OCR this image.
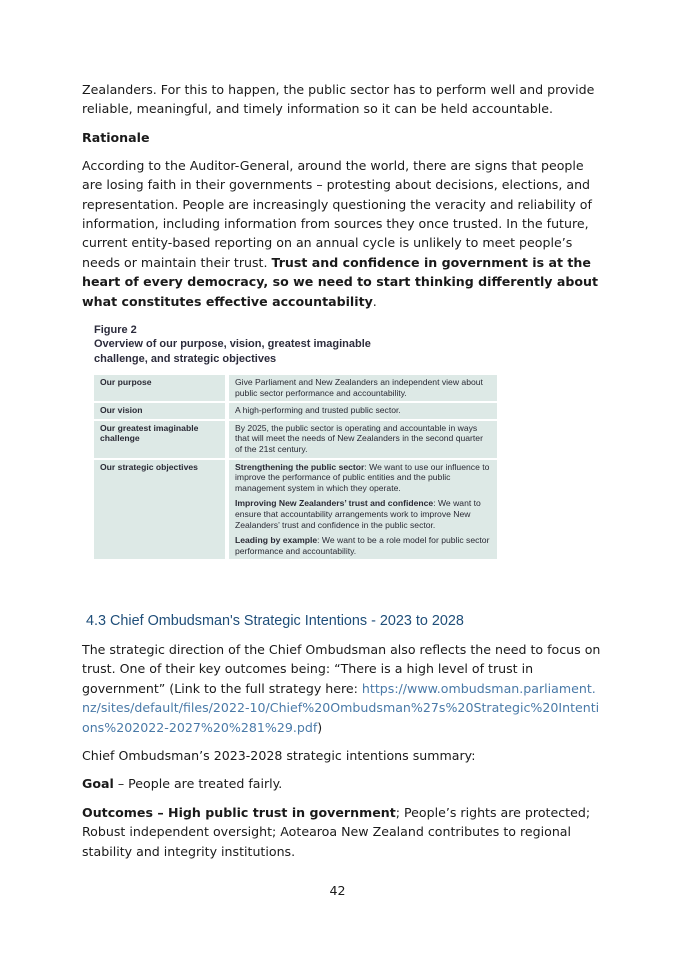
Zealanders. For this to happen, the public sector has to perform well and provide reliable, meaningful, and timely information so it can be held accountable.

Rationale

According to the Auditor-General, around the world, there are signs that people are losing faith in their governments – protesting about decisions, elections, and representation. People are increasingly questioning the veracity and reliability of information, including information from sources they once trusted. In the future, current entity-based reporting on an annual cycle is unlikely to meet people’s needs or maintain their trust. Trust and confidence in government is at the heart of every democracy, so we need to start thinking differently about what constitutes effective accountability.

Figure 2
Overview of our purpose, vision, greatest imaginable challenge, and strategic objectives
Our purpose	Give Parliament and New Zealanders an independent view about public sector performance and accountability.
Our vision	A high-performing and trusted public sector.
Our greatest imaginable challenge	By 2025, the public sector is operating and accountable in ways that will meet the needs of New Zealanders in the second quarter of the 21st century.
Our strategic objectives	Strengthening the public sector: We want to use our influence to improve the performance of public entities and the public management system in which they operate.
Improving New Zealanders’ trust and confidence: We want to ensure that accountability arrangements work to improve New Zealanders’ trust and confidence in the public sector.
Leading by example: We want to be a role model for public sector performance and accountability.
4.3 Chief Ombudsman's Strategic Intentions - 2023 to 2028

The strategic direction of the Chief Ombudsman also reflects the need to focus on trust. One of their key outcomes being: “There is a high level of trust in government” (Link to the full strategy here: https://www.ombudsman.parliament.nz/sites/default/files/2022-10/Chief%20Ombudsman%27s%20Strategic%20Intentions%202022-2027%20%281%29.pdf)

Chief Ombudsman’s 2023-2028 strategic intentions summary:

Goal – People are treated fairly.

Outcomes – High public trust in government; People’s rights are protected; Robust independent oversight; Aotearoa New Zealand contributes to regional stability and integrity institutions.

42
